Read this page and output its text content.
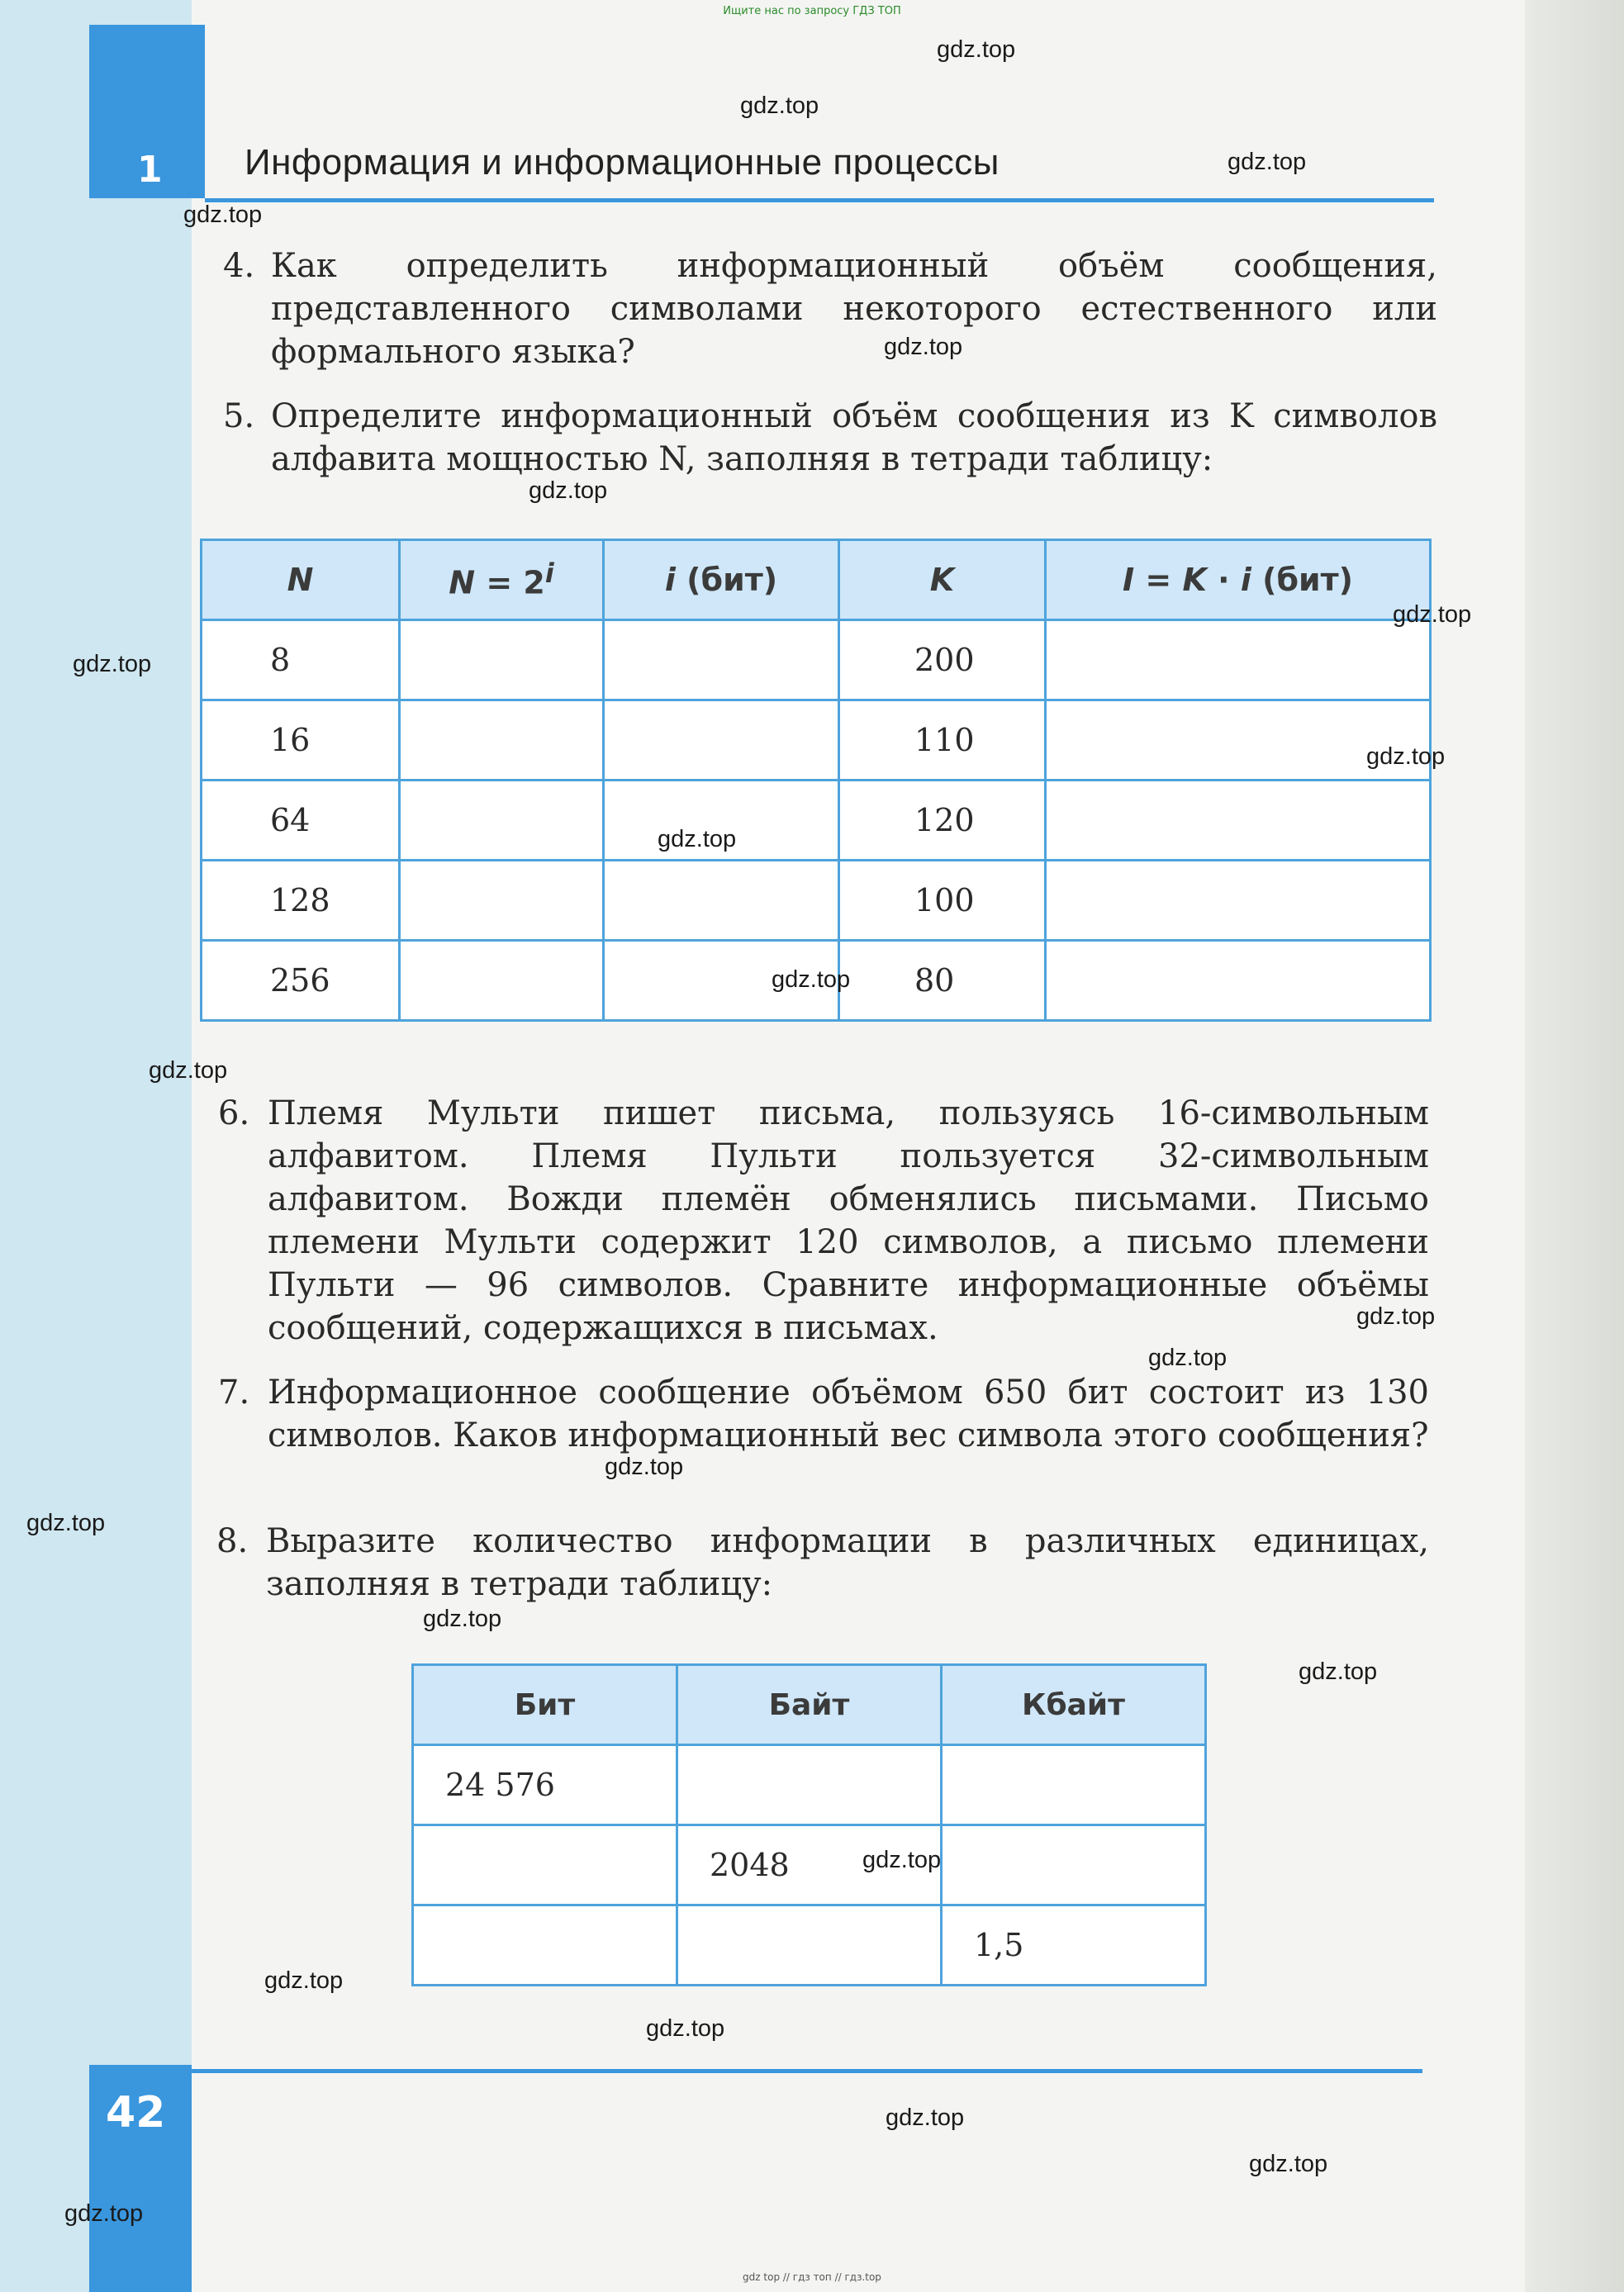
Ищите нас по запросу ГДЗ ТОП
1 Информация и информационные процессы
4. Как определить информационный объём сообщения, представленного символами некоторого естественного или формального языка?
5. Определите информационный объём сообщения из K символов алфавита мощностью N, заполняя в тетради таблицу:
N	$N = 2^i$	i (бит)	K	I = K · i (бит)
8			200	
16			110	
64			120	
128			100	
256			80	
6. Племя Мульти пишет письма, пользуясь 16-символьным алфавитом. Племя Пульти пользуется 32-символьным алфавитом. Вожди племён обменялись письмами. Письмо племени Мульти содержит 120 символов, а письмо племени Пульти — 96 символов. Сравните информационные объёмы сообщений, содержащихся в письмах.
7. Информационное сообщение объёмом 650 бит состоит из 130 символов. Каков информационный вес символа этого сообщения?
8. Выразите количество информации в различных единицах, заполняя в тетради таблицу:
Бит	Байт	Кбайт
24 576		
	2048	
		1,5
42
gdz.top
gdz.top
gdz.top
gdz.top
gdz.top
gdz.top
gdz.top
gdz.top
gdz.top
gdz.top
gdz.top
gdz.top
gdz.top
gdz.top
gdz.top
gdz.top
gdz.top
gdz.top
gdz.top
gdz.top
gdz.top
gdz.top
gdz.top
gdz.top
gdz top // гдз топ // гдз.top
